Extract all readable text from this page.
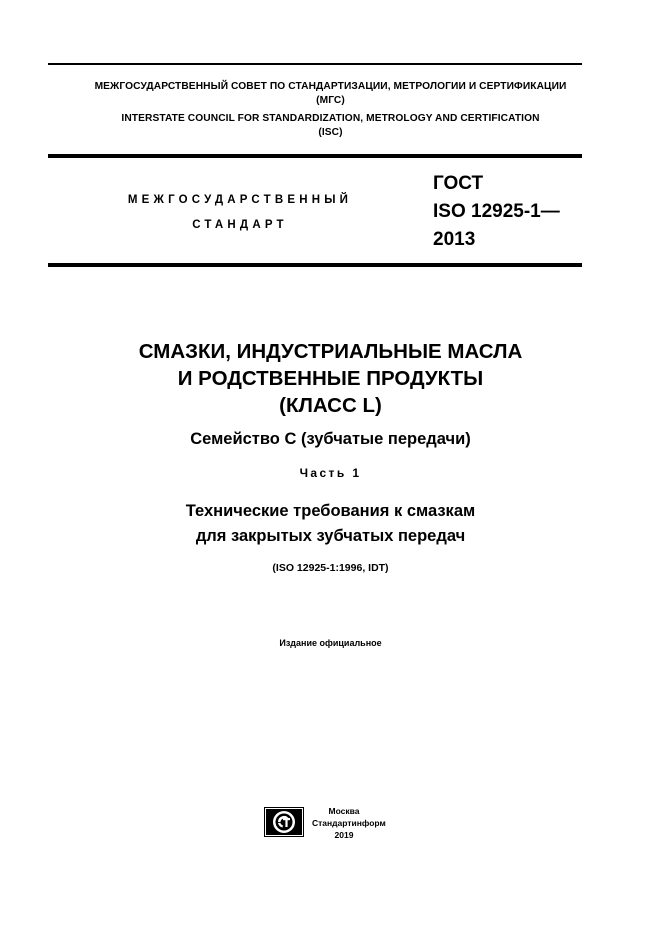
МЕЖГОСУДАРСТВЕННЫЙ СОВЕТ ПО СТАНДАРТИЗАЦИИ, МЕТРОЛОГИИ И СЕРТИФИКАЦИИ
(МГС)
INTERSTATE COUNCIL FOR STANDARDIZATION, METROLOGY AND CERTIFICATION
(ISC)
МЕЖГОСУДАРСТВЕННЫЙ
СТАНДАРТ
ГОСТ
ISO 12925-1—
2013
СМАЗКИ, ИНДУСТРИАЛЬНЫЕ МАСЛА
И РОДСТВЕННЫЕ ПРОДУКТЫ
(КЛАСС L)
Семейство С (зубчатые передачи)
Часть 1
Технические требования к смазкам
для закрытых зубчатых передач
(ISO 12925-1:1996, IDT)
Издание официальное
Москва
Стандартинформ
2019
